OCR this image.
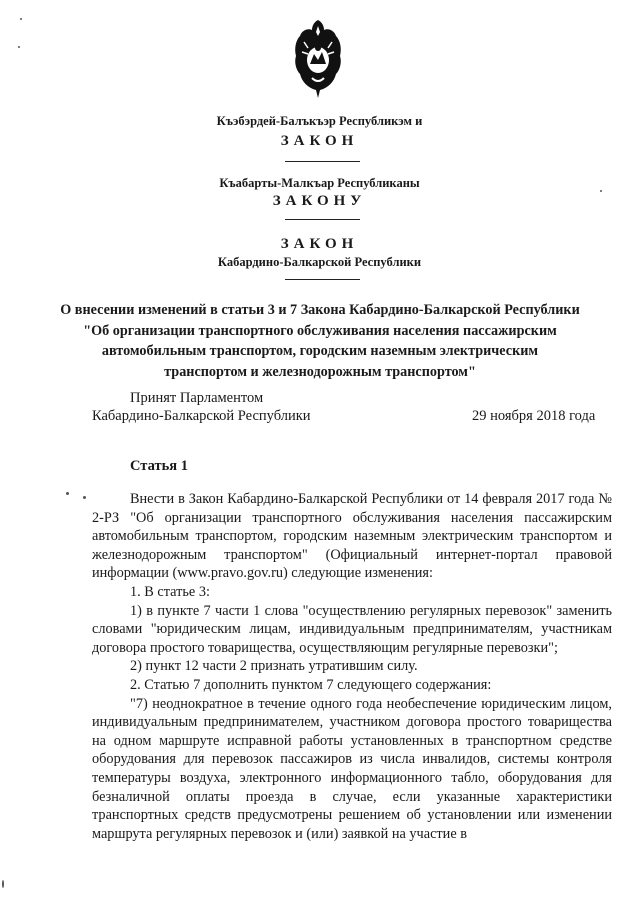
Къэбэрдей-Балъкъэр Республикэм и
ЗАКОН
Къабарты-Малкъар Республиканы
ЗАКОНУ
ЗАКОН
Кабардино-Балкарской Республики
О внесении изменений в статьи 3 и 7 Закона Кабардино-Балкарской Республики "Об организации транспортного обслуживания населения пассажирским автомобильным транспортом, городским наземным электрическим транспортом и железнодорожным транспортом"
Принят Парламентом
Кабардино-Балкарской Республики	29 ноября 2018 года
Статья 1

Внести в Закон Кабардино-Балкарской Республики от 14 февраля 2017 года № 2-РЗ "Об организации транспортного обслуживания населения пассажирским автомобильным транспортом, городским наземным электрическим транспортом и железнодорожным транспортом" (Официальный интернет-портал правовой информации (www.pravo.gov.ru) следующие изменения:

1. В статье 3:

1) в пункте 7 части 1 слова "осуществлению регулярных перевозок" заменить словами "юридическим лицам, индивидуальным предпринимателям, участникам договора простого товарищества, осуществляющим регулярные перевозки";

2) пункт 12 части 2 признать утратившим силу.

2. Статью 7 дополнить пунктом 7 следующего содержания:

"7) неоднократное в течение одного года необеспечение юридическим лицом, индивидуальным предпринимателем, участником договора простого товарищества на одном маршруте исправной работы установленных в транспортном средстве оборудования для перевозок пассажиров из числа инвалидов, системы контроля температуры воздуха, электронного информационного табло, оборудования для безналичной оплаты проезда в случае, если указанные характеристики транспортных средств предусмотрены решением об установлении или изменении маршрута регулярных перевозок и (или) заявкой на участие в
